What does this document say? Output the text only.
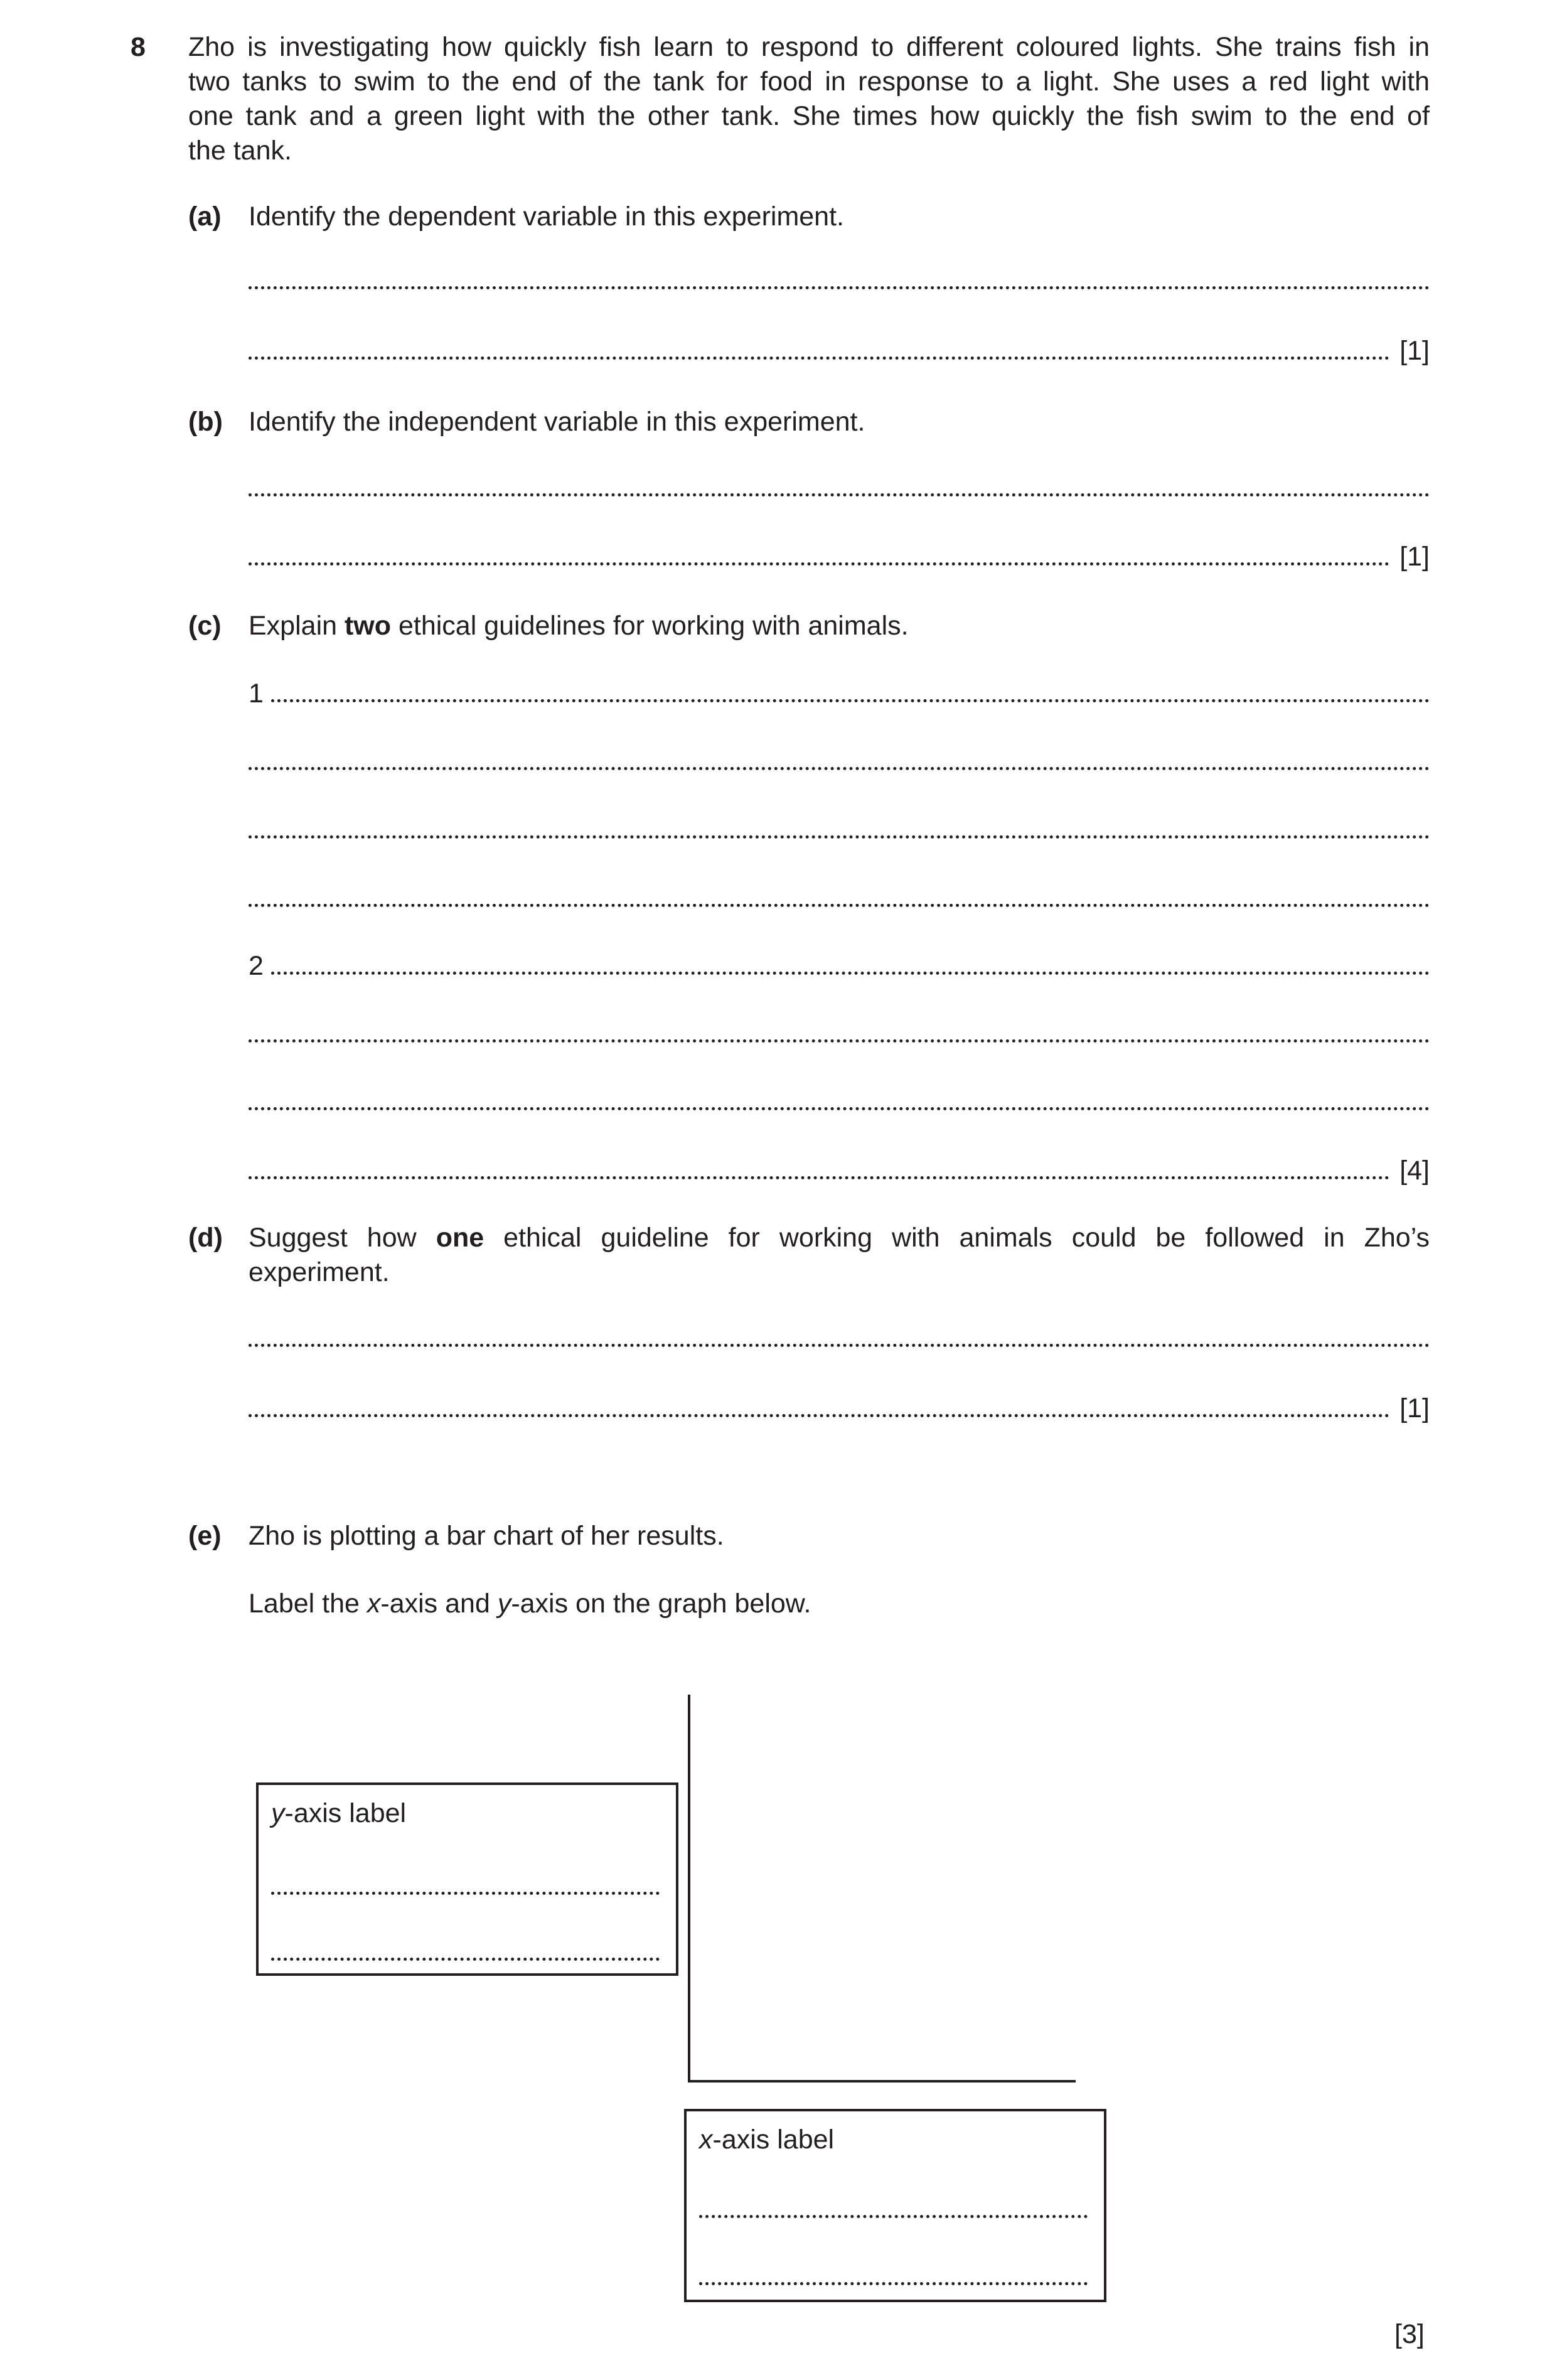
8 Zho is investigating how quickly fish learn to respond to different coloured lights. She trains fish in
two tanks to swim to the end of the tank for food in response to a light. She uses a red light with
one tank and a green light with the other tank. She times how quickly the fish swim to the end of
the tank.
(a) Identify the dependent variable in this experiment.
[1]
(b) Identify the independent variable in this experiment.
[1]
(c) Explain two ethical guidelines for working with animals.
1
2
[4]
(d) Suggest how one ethical guideline for working with animals could be followed in Zho’s
experiment.
[1]
(e) Zho is plotting a bar chart of her results.
Label the x-axis and y-axis on the graph below.
y-axis label
x-axis label
[3]
